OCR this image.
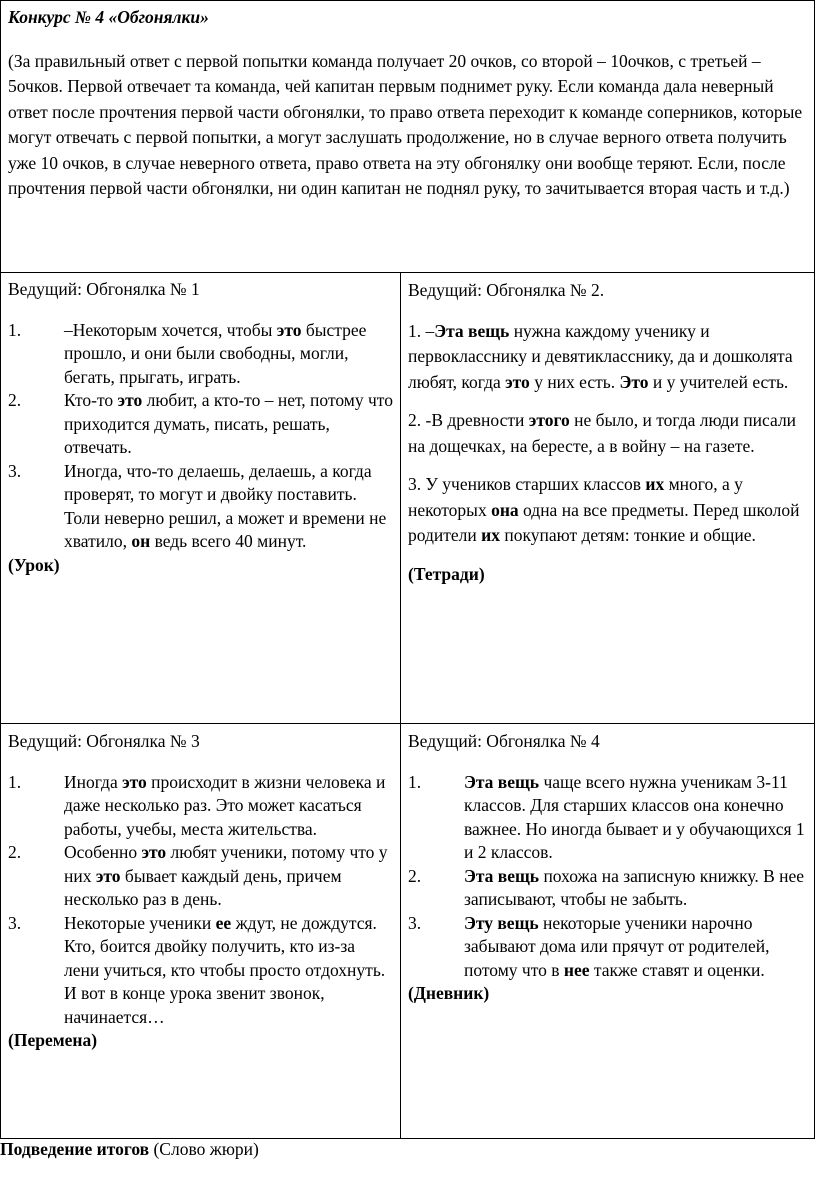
Конкурс № 4 «Обгонялки»

(За правильный ответ с первой попытки команда получает 20 очков, со второй – 10очков, с третьей – 5очков. Первой отвечает та команда, чей капитан первым поднимет руку. Если команда дала неверный ответ после прочтения первой части обгонялки, то право ответа переходит к команде соперников, которые могут отвечать с первой попытки, а могут заслушать продолжение, но в случае верного ответа получить уже 10 очков, в случае неверного ответа, право ответа на эту обгонялку они вообще теряют. Если, после прочтения первой части обгонялки, ни один капитан не поднял руку, то зачитывается вторая часть и т.д.)

Ведущий: Обгонялка № 1

1. –Некоторым хочется, чтобы это быстрее прошло, и они были свободны, могли, бегать, прыгать, играть.

2. Кто-то это любит, а кто-то – нет, потому что приходится думать, писать, решать, отвечать.

3. Иногда, что-то делаешь, делаешь, а когда проверят, то могут и двойку поставить. Толи неверно решил, а может и времени не хватило, он ведь всего 40 минут.

(Урок)

Ведущий: Обгонялка № 2.

1. –Эта вещь нужна каждому ученику и первокласснику и девятикласснику, да и дошколята любят, когда это у них есть. Это и у учителей есть.

2. -В древности этого не было, и тогда люди писали на дощечках, на бересте, а в войну – на газете.

3. У учеников старших классов их много, а у некоторых она одна на все предметы. Перед школой родители их покупают детям: тонкие и общие.

(Тетради)

Ведущий: Обгонялка № 3

1. Иногда это происходит в жизни человека и даже несколько раз. Это может касаться работы, учебы, места жительства.

2. Особенно это любят ученики, потому что у них это бывает каждый день, причем несколько раз в день.

3. Некоторые ученики ее ждут, не дождутся. Кто, боится двойку получить, кто из-за лени учиться, кто чтобы просто отдохнуть. И вот в конце урока звенит звонок, начинается…

(Перемена)

Ведущий: Обгонялка № 4

1. Эта вещь чаще всего нужна ученикам 3-11 классов. Для старших классов она конечно важнее. Но иногда бывает и у обучающихся 1 и 2 классов.

2. Эта вещь похожа на записную книжку. В нее записывают, чтобы не забыть.

3. Эту вещь некоторые ученики нарочно забывают дома или прячут от родителей, потому что в нее также ставят и оценки.

(Дневник)

Подведение итогов (Слово жюри)
